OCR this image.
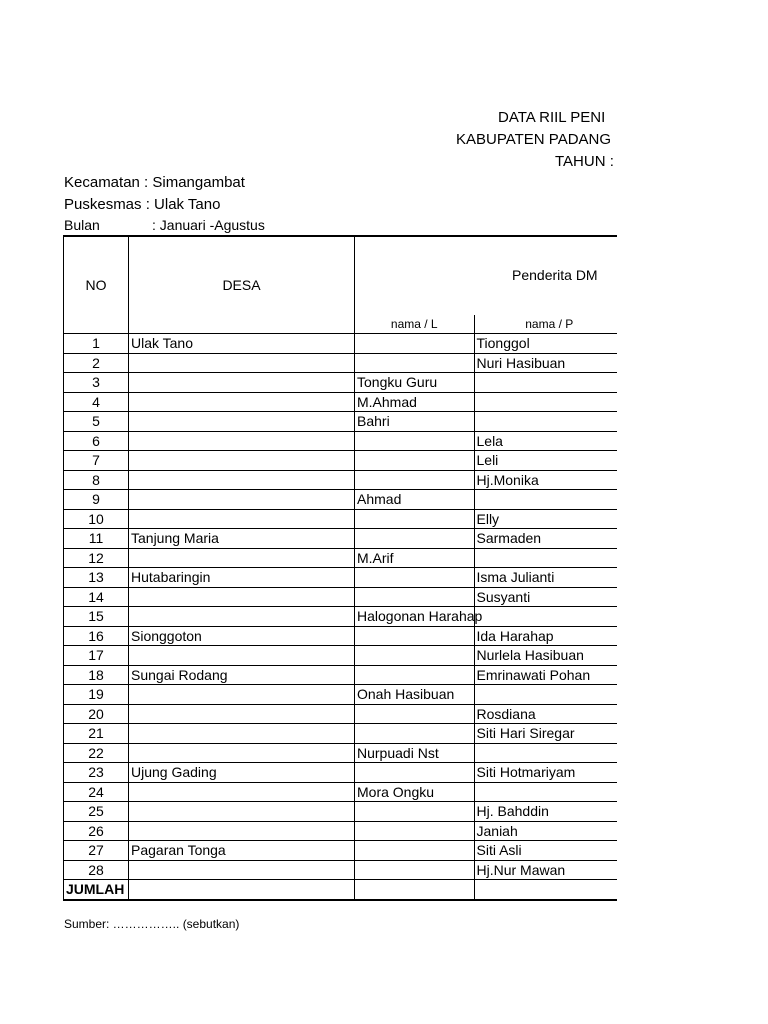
DATA RIIL PENI
KABUPATEN PADANG
TAHUN :
Kecamatan : Simangambat
Puskesmas : Ulak Tano
Bulan	: Januari -Agustus
NO	DESA		Penderita DM

		nama / L	nama / P
1	Ulak Tano		Tionggol
2			Nuri Hasibuan
3		Tongku Guru	
4		M.Ahmad	
5		Bahri	
6			Lela
7			Leli
8			Hj.Monika
9		Ahmad	
10			Elly
11	Tanjung Maria		Sarmaden
12		M.Arif	
13	Hutabaringin		Isma Julianti
14			Susyanti
15		Halogonan Harahap	
16	Sionggoton		Ida Harahap
17			Nurlela Hasibuan
18	Sungai Rodang		Emrinawati Pohan
19		Onah Hasibuan	
20			Rosdiana
21			Siti Hari Siregar
22		Nurpuadi Nst	
23	Ujung Gading		Siti Hotmariyam
24		Mora Ongku	
25			Hj. Bahddin
26			Janiah
27	Pagaran Tonga		Siti Asli
28			Hj.Nur Mawan
JUMLAH			
Sumber: …………….. (sebutkan)
